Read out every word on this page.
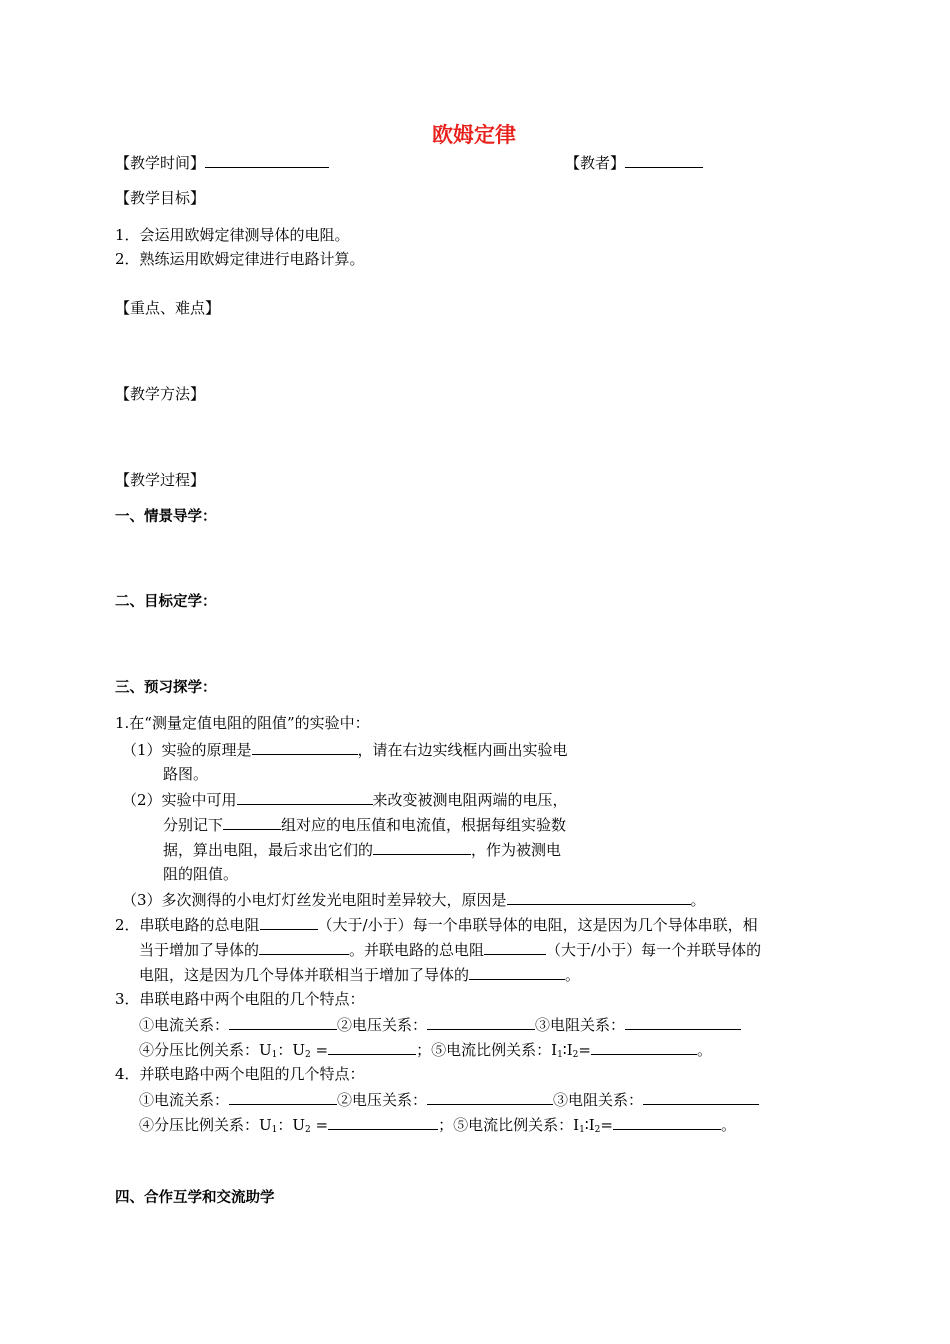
欧姆定律
【教学时间】	【教者】
【教学目标】
1．会运用欧姆定律测导体的电阻。
2．熟练运用欧姆定律进行电路计算。
【重点、难点】
【教学方法】
【教学过程】
一、情景导学：
二、目标定学：
三、预习探学：
1.在“测量定值电阻的阻值”的实验中：
（1）实验的原理是	，请在右边实线框内画出实验电
路图。
（2）实验中可用	来改变被测电阻两端的电压，
分别记下	组对应的电压值和电流值，根据每组实验数
据，算出电阻，最后求出它们的	，作为被测电
阻的阻值。
（3）多次测得的小电灯灯丝发光电阻时差异较大，原因是	。
2．串联电路的总电阻	（大于/小于）每一个串联导体的电阻，这是因为几个导体串联，相
当于增加了导体的	。并联电路的总电阻	（大于/小于）每一个并联导体的
电阻，这是因为几个导体并联相当于增加了导体的	。
3．串联电路中两个电阻的几个特点：
①电流关系：	②电压关系：	③电阻关系：
④分压比例关系：$U_1$：$U_2$ =	；⑤电流比例关系：$I_1∶I_2=$	。
4．并联电路中两个电阻的几个特点：
①电流关系：	②电压关系：	③电阻关系：
④分压比例关系：$U_1$：$U_2$ =	；⑤电流比例关系：$I_1∶I_2=$	。
四、合作互学和交流助学
